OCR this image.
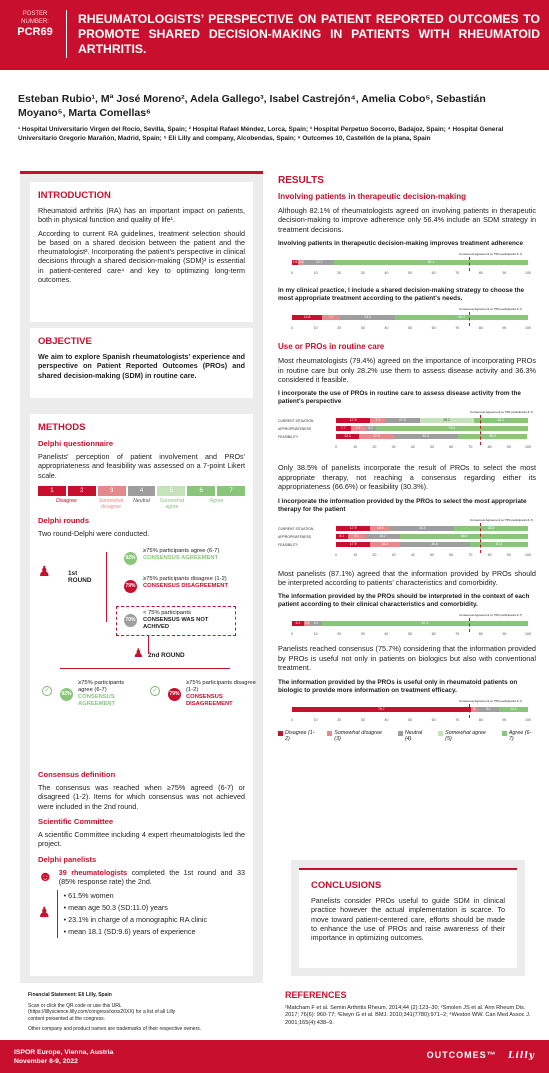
POSTER NUMBER:
PCR69
RHEUMATOLOGISTS’ PERSPECTIVE ON PATIENT REPORTED OUTCOMES TO PROMOTE SHARED DECISION-MAKING IN PATIENTS WITH RHEUMATOID ARTHRITIS.
Esteban Rubio¹, Mª José Moreno², Adela Gallego³, Isabel Castrejón⁴, Amelia Cobo⁵, Sebastián Moyano⁵, Marta Comellas⁶
¹ Hospital Universitario Virgen del Rocío, Sevilla, Spain; ² Hospital Rafael Méndez, Lorca, Spain; ³ Hospital Perpetuo Socorro, Badajoz, Spain; ⁴ Hospital General Universitario Gregorio Marañón, Madrid, Spain; ⁵ Eli Lilly and company, Alcobendas, Spain; ⁶ Outcomes 10, Castellón de la plana, Spain
INTRODUCTION

Rheumatoid arthritis (RA) has an important impact on patients, both in physical function and quality of life¹.

According to current RA guidelines, treatment selection should be based on a shared decision between the patient and the rheumatologist². Incorporating the patient's perspective in clinical decisions through a shared decision-making (SDM)³ is essential in patient-centered care⁴ and key to optimizing long-term outcomes.

OBJECTIVE

We aim to explore Spanish rheumatologists' experience and perspective on Patient Reported Outcomes (PROs) and shared decision-making (SDM) in routine care.

METHODS
Delphi questionnaire

Panelists' perception of patient involvement and PROs' appropriateness and feasibility was assessed on a 7-point Likert scale.

1	2	3	4	5	6	7
Disagree	Somewhat disagree
Neutral	Somewhat agree
Agree
Delphi rounds

Two round-Delphi were conducted.

♟	1st ROUND
92%
≥75% participants agree (6-7)
CONSENSUS AGREEMENT
79%
≥75% participants disagree (1-2)
CONSENSUS DISAGREEMENT
70%
< 75% participants
CONSENSUS WAS NOT ACHIVED
♟ 2nd ROUND
✓	92%
≥75% participants agree (6-7)
CONSENSUS AGREEMENT
✓	79%
≥75% participants disagree (1-2)
CONSENSUS DISAGREEMENT
Consensus definition

The consensus was reached when ≥75% agreed (6-7) or disagreed (1-2). Items for which consensus was not achieved were included in the 2nd round.

Scientific Committee

A scientific Committee including 4 expert rheumatologists led the project.

Delphi panelists
☻ 39 rheumatologists completed the 1st round and 33 (85% response rate) the 2nd.

♟
• 61.5% women
• mean age 50.3 (SD:11.0) years
• 23.1% in charge of a monographic RA clinic
• mean 18.1 (SD:9.6) years of experience
RESULTS
Involving patients in therapeutic decision-making

Although 82.1% of rheumatologists agreed on involving patients in therapeutic decision-making to improve adherence only 56.4% include an SDM strategy in treatment decisions.

Involving patients in therapeutic decision-making improves treatment adherence
Consensus Agreement (≥ 75% participants 6-7)
2.6 2.6	12.7	82.1
0	10	20	30	40	50	60	70	80	90	100
In my clinical practice, I include a shared decision-making strategy to choose the most appropriate treatment according to the patient's needs.
Consensus Agreement (≥ 75% participants 6-7)
12.8	7.7	23.1	56.4
0	10	20	30	40	50	60	70	80	90	100
Use or PROs in routine care

Most rheumatologists (79.4%) agreed on the importance of incorporating PROs in routine care but only 28.2% use them to assess disease activity and 36.3% considered it feasible.

I incorporate the use of PROs in routine care to assess disease activity from the patient's perspective
Consensus Agreement (≥ 75% participants 6-7)
CURRENT SITUATION	17.9	7.7	17.9	28.2	28.2
APPROPRIATENESS	7.7	7.7	5.2	79.4
FEASIBILITY	12.1	17.9	33.3	36.3
0	10	20	30	40	50	60	70	80	90	100

Only 38.5% of panelists incorporate the result of PROs to select the most appropriate therapy, not reaching a consensus regarding either its appropriateness (66.6%) or feasibility (30.3%).

I incorporate the information provided by the PROs to select the most appropriate therapy for the patient
Consensus Agreement (≥ 75% participants 6-7)
CURRENT SITUATION	17.9	10.3	33.3	38.5
APPROPRIATENESS	6.1	9.1	18.2	66.6
FEASIBILITY	17.9	15.2	36.6	30.3
0	10	20	30	40	50	60	70	80	90	100

Most panelists (87.1%) agreed that the information provided by PROs should be interpreted according to patients' characteristics and comorbidity.

The information provided by the PROs should be interpreted in the context of each patient according to their clinical characteristics and comorbidity.
Consensus Agreement (≥ 75% participants 6-7)
5.1	2.6	5.1	87.1
0	10	20	30	40	50	60	70	80	90	100

Panelists reached consensus (75.7%) considering that the information provided by PROs is useful not only in patients on biologics but also with conventional treatment.

The information provided by the PROs is useful only in rheumatoid patients on biologic to provide more information on treatment efficacy.
Consensus Agreement (≥ 75% participants 6-7)
75.7	3	9.1	12.1
0	10	20	30	40	50	60	70	80	90	100
Disagree (1-2)
Somewhat disagree (3)
Neutral (4)
Somewhat agree (5)
Agree (6-7)
CONCLUSIONS

Panelists consider PROs useful to guide SDM in clinical practice however the actual implementation is scarce. To move toward patient-centered care, efforts should be made to enhance the use of PROs and raise awareness of their importance in optimizing outcomes.

Financial Statement: Eli Lilly, Spain
Scan or click the QR code or use this URL (https://lillyscience.lilly.com/congress/xxxx20XX) for a list of all Lilly content presented at the congress.
Other company and product names are trademarks of their respective owners.
REFERENCES

¹Matcham F et al. Semin Arthritis Rheum. 2014;44 (2):123–30; ²Smolen JS et al. Ann Rheum Dis. 2017; 76(6): 960-77; ³Elwyn G et al. BMJ. 2010;341(7780):971–2; ⁴Weston WW. Can Med Assoc J. 2001;165(4):438–9.

ISPOR Europe, Vienna, Austria
November 6-9, 2022
OUTCOMES™ Lilly
